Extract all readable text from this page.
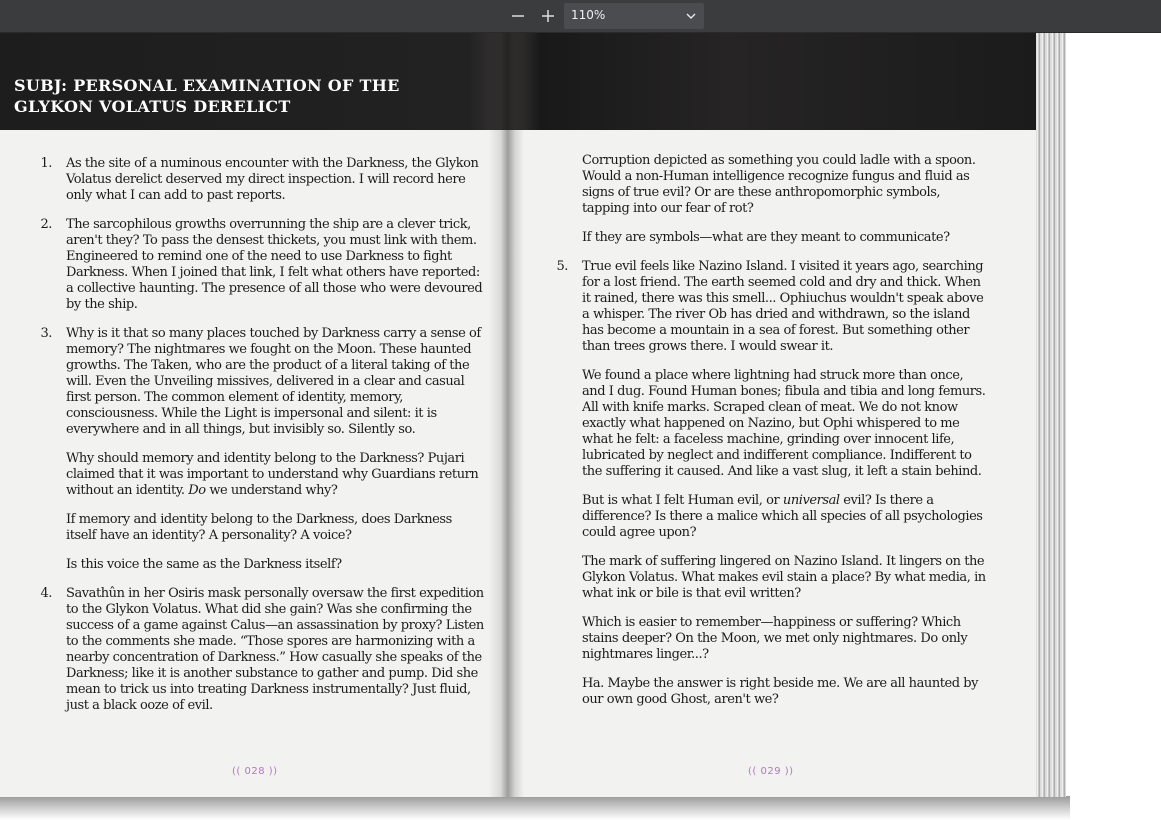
110%
SUBJ: PERSONAL EXAMINATION OF THE GLYKON VOLATUS DERELICT
1. As the site of a numinous encounter with the Darkness, the Glykon Volatus derelict deserved my direct inspection. I will record here only what I can add to past reports.
2. The sarcophilous growths overrunning the ship are a clever trick, aren't they? To pass the densest thickets, you must link with them. Engineered to remind one of the need to use Darkness to fight Darkness. When I joined that link, I felt what others have reported: a collective haunting. The presence of all those who were devoured by the ship.
3. Why is it that so many places touched by Darkness carry a sense of memory? The nightmares we fought on the Moon. These haunted growths. The Taken, who are the product of a literal taking of the will. Even the Unveiling missives, delivered in a clear and casual first person. The common element of identity, memory, consciousness. While the Light is impersonal and silent: it is everywhere and in all things, but invisibly so. Silently so.

Why should memory and identity belong to the Darkness? Pujari claimed that it was important to understand why Guardians return without an identity. Do we understand why?

If memory and identity belong to the Darkness, does Darkness itself have an identity? A personality? A voice?

Is this voice the same as the Darkness itself?

4. Savathûn in her Osiris mask personally oversaw the first expedition to the Glykon Volatus. What did she gain? Was she confirming the success of a game against Calus—an assassination by proxy? Listen to the comments she made. “Those spores are harmonizing with a nearby concentration of Darkness.” How casually she speaks of the Darkness; like it is another substance to gather and pump. Did she mean to trick us into treating Darkness instrumentally? Just fluid, just a black ooze of evil.
(( 028 ))

Corruption depicted as something you could ladle with a spoon. Would a non-Human intelligence recognize fungus and fluid as signs of true evil? Or are these anthropomorphic symbols, tapping into our fear of rot?

If they are symbols—what are they meant to communicate?

5. True evil feels like Nazino Island. I visited it years ago, searching for a lost friend. The earth seemed cold and dry and thick. When it rained, there was this smell... Ophiuchus wouldn't speak above a whisper. The river Ob has dried and withdrawn, so the island has become a mountain in a sea of forest. But something other than trees grows there. I would swear it.

We found a place where lightning had struck more than once, and I dug. Found Human bones; fibula and tibia and long femurs. All with knife marks. Scraped clean of meat. We do not know exactly what happened on Nazino, but Ophi whispered to me what he felt: a faceless machine, grinding over innocent life, lubricated by neglect and indifferent compliance. Indifferent to the suffering it caused. And like a vast slug, it left a stain behind.

But is what I felt Human evil, or universal evil? Is there a difference? Is there a malice which all species of all psychologies could agree upon?

The mark of suffering lingered on Nazino Island. It lingers on the Glykon Volatus. What makes evil stain a place? By what media, in what ink or bile is that evil written?

Which is easier to remember—happiness or suffering? Which stains deeper? On the Moon, we met only nightmares. Do only nightmares linger...?

Ha. Maybe the answer is right beside me. We are all haunted by our own good Ghost, aren't we?

(( 029 ))
